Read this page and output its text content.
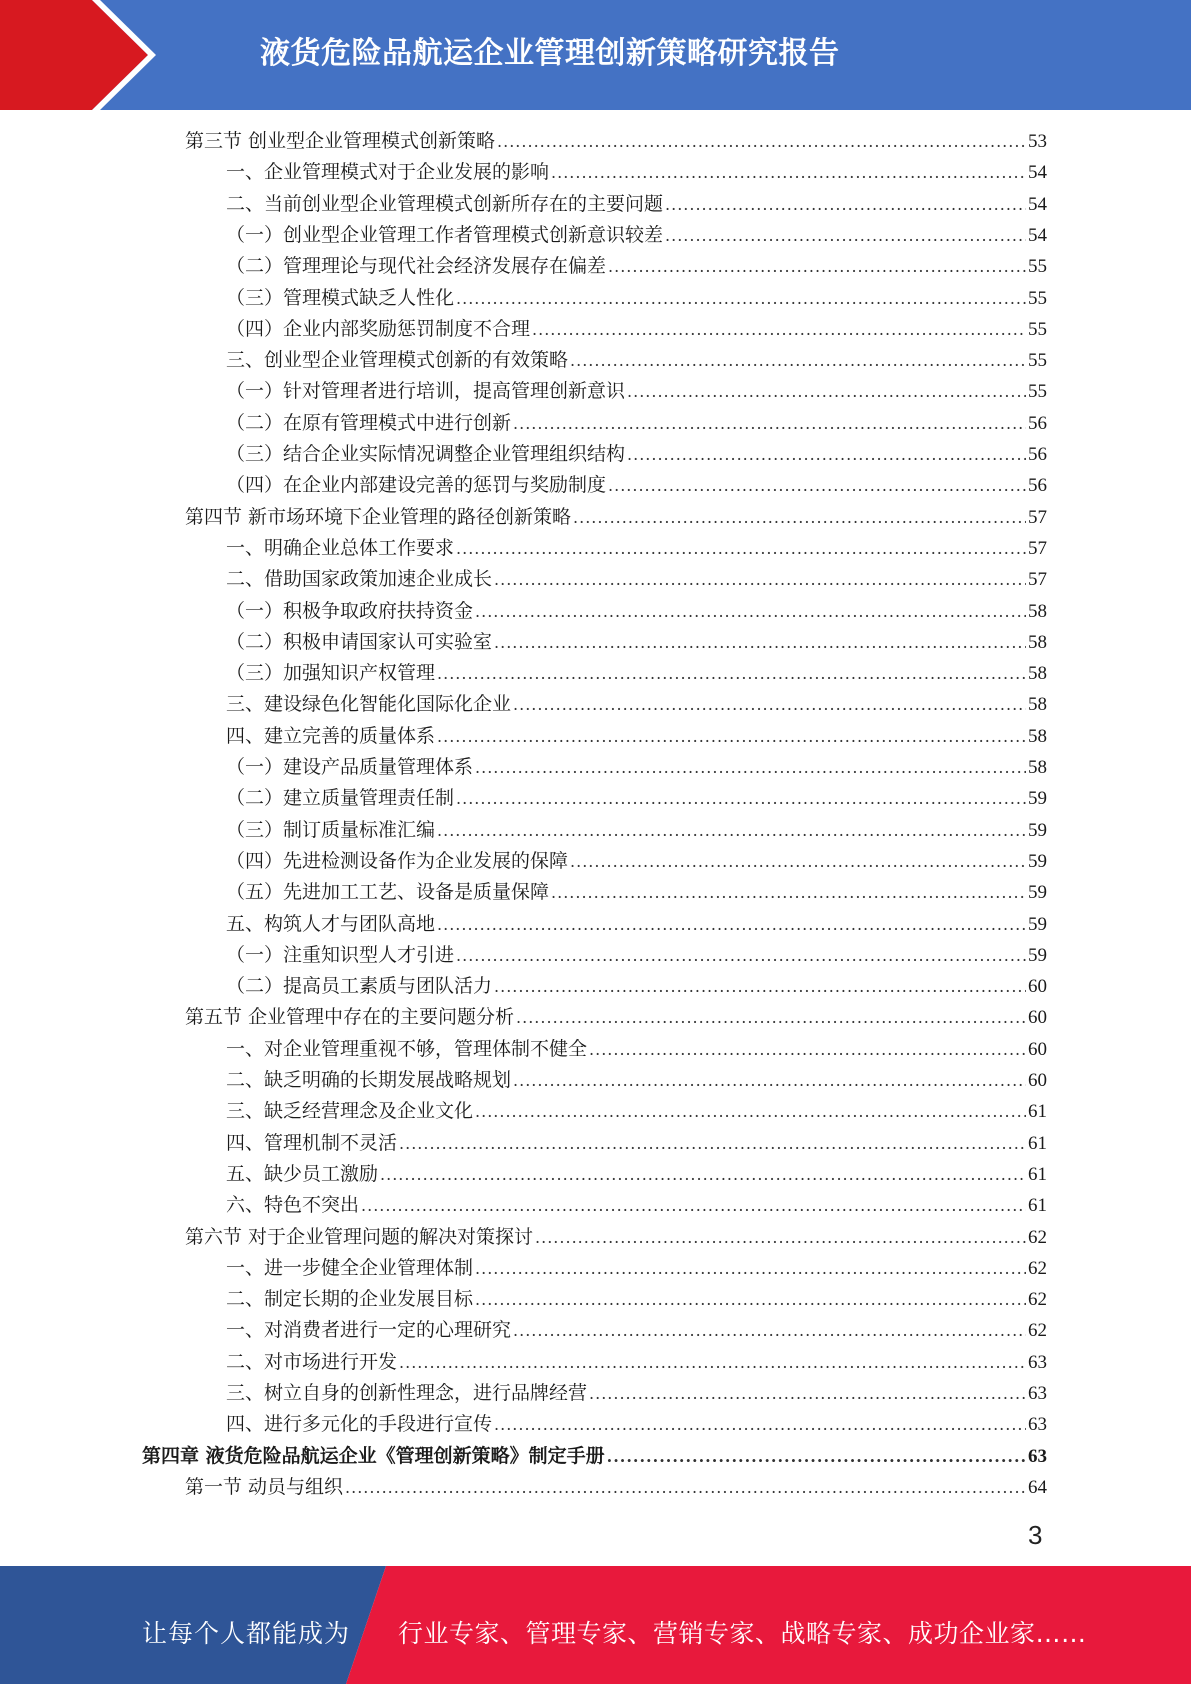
液货危险品航运企业管理创新策略研究报告
第三节 创业型企业管理模式创新策略 .....	53
一、企业管理模式对于企业发展的影响 .....	54
二、当前创业型企业管理模式创新所存在的主要问题 .....	54
（一）创业型企业管理工作者管理模式创新意识较差 .....	54
（二）管理理论与现代社会经济发展存在偏差 .....	55
（三）管理模式缺乏人性化 .....	55
（四）企业内部奖励惩罚制度不合理 .....	55
三、创业型企业管理模式创新的有效策略 .....	55
（一）针对管理者进行培训，提高管理创新意识 .....	55
（二）在原有管理模式中进行创新 .....	56
（三）结合企业实际情况调整企业管理组织结构 .....	56
（四）在企业内部建设完善的惩罚与奖励制度 .....	56
第四节 新市场环境下企业管理的路径创新策略 .....	57
一、明确企业总体工作要求 .....	57
二、借助国家政策加速企业成长 .....	57
（一）积极争取政府扶持资金 .....	58
（二）积极申请国家认可实验室 .....	58
（三）加强知识产权管理 .....	58
三、建设绿色化智能化国际化企业 .....	58
四、建立完善的质量体系 .....	58
（一）建设产品质量管理体系 .....	58
（二）建立质量管理责任制 .....	59
（三）制订质量标准汇编 .....	59
（四）先进检测设备作为企业发展的保障 .....	59
（五）先进加工工艺、设备是质量保障 .....	59
五、构筑人才与团队高地 .....	59
（一）注重知识型人才引进 .....	59
（二）提高员工素质与团队活力 .....	60
第五节 企业管理中存在的主要问题分析 .....	60
一、对企业管理重视不够，管理体制不健全 .....	60
二、缺乏明确的长期发展战略规划 .....	60
三、缺乏经营理念及企业文化 .....	61
四、管理机制不灵活 .....	61
五、缺少员工激励 .....	61
六、特色不突出 .....	61
第六节 对于企业管理问题的解决对策探讨 .....	62
一、进一步健全企业管理体制 .....	62
二、制定长期的企业发展目标 .....	62
一、对消费者进行一定的心理研究 .....	62
二、对市场进行开发 .....	63
三、树立自身的创新性理念，进行品牌经营 .....	63
四、进行多元化的手段进行宣传 .....	63
第四章 液货危险品航运企业《管理创新策略》制定手册 .....	63
第一节 动员与组织 .....	64
3
让每个人都能成为 行业专家、管理专家、营销专家、战略专家、成功企业家……
